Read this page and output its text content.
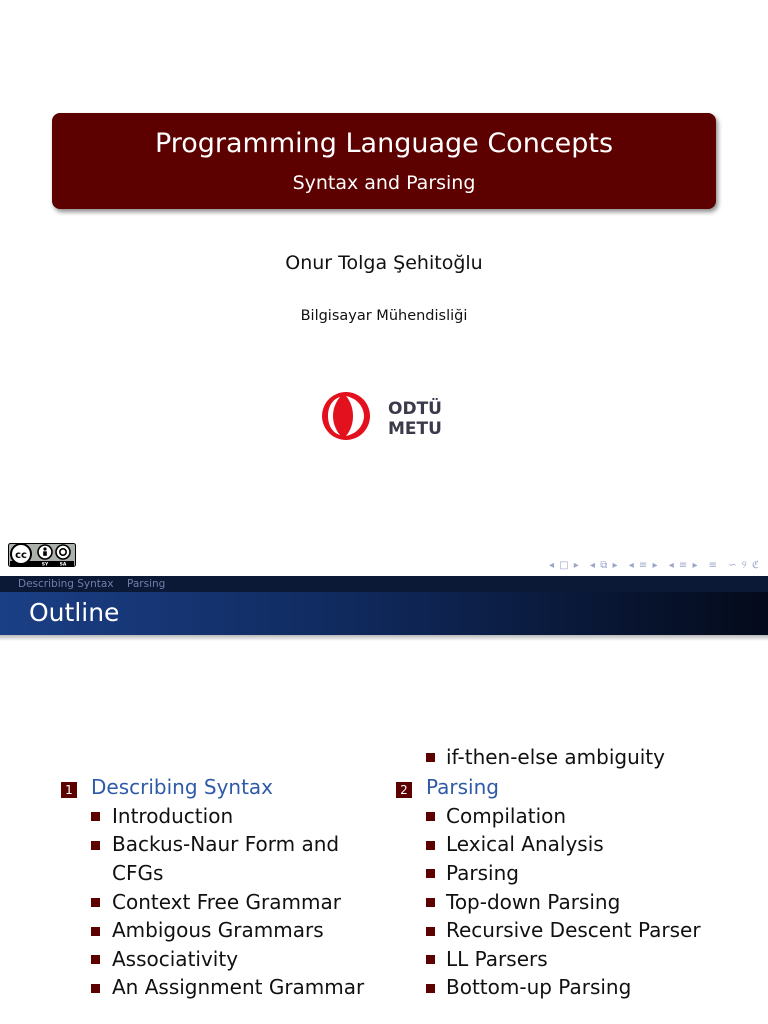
Programming Language Concepts
Syntax and Parsing
Onur Tolga Şehitoğlu
Bilgisayar Mühendisliği
ODTÜ
METU
cc
SY	SA	◂ □ ▸ ◂ ⧉ ▸ ◂ ≡ ▸ ◂ ≡ ▸ ≡ ∽ ୨ ℭ
Describing Syntax Parsing
Outline
1 Describing Syntax
Introduction
Backus-Naur Form and
CFGs
Context Free Grammar
Ambigous Grammars
Associativity
An Assignment Grammar
if-then-else ambiguity
2 Parsing
Compilation
Lexical Analysis
Parsing
Top-down Parsing
Recursive Descent Parser
LL Parsers
Bottom-up Parsing
